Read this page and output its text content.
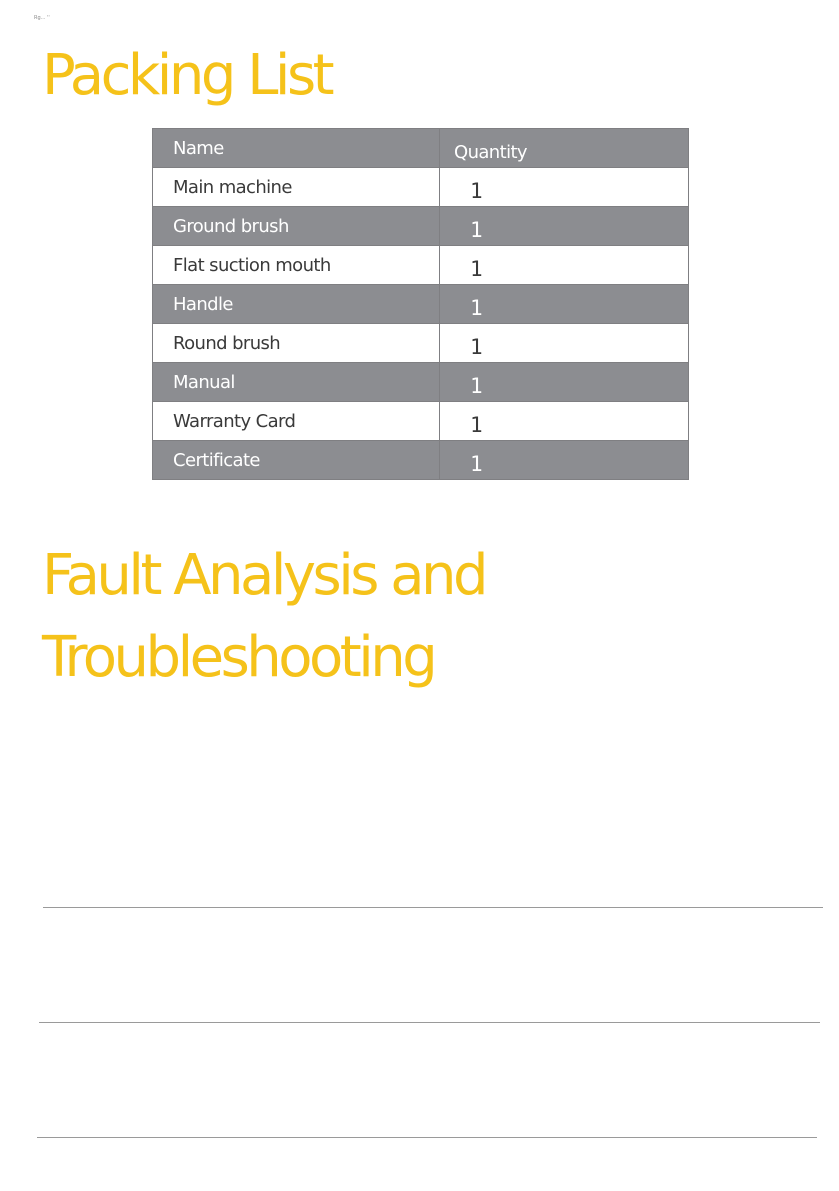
Rg... ''
Packing List
Name	Quantity
Main machine	1
Ground brush	1
Flat suction mouth	1
Handle	1
Round brush	1
Manual	1
Warranty Card	1
Certificate	1
Fault Analysis and
Troubleshooting
